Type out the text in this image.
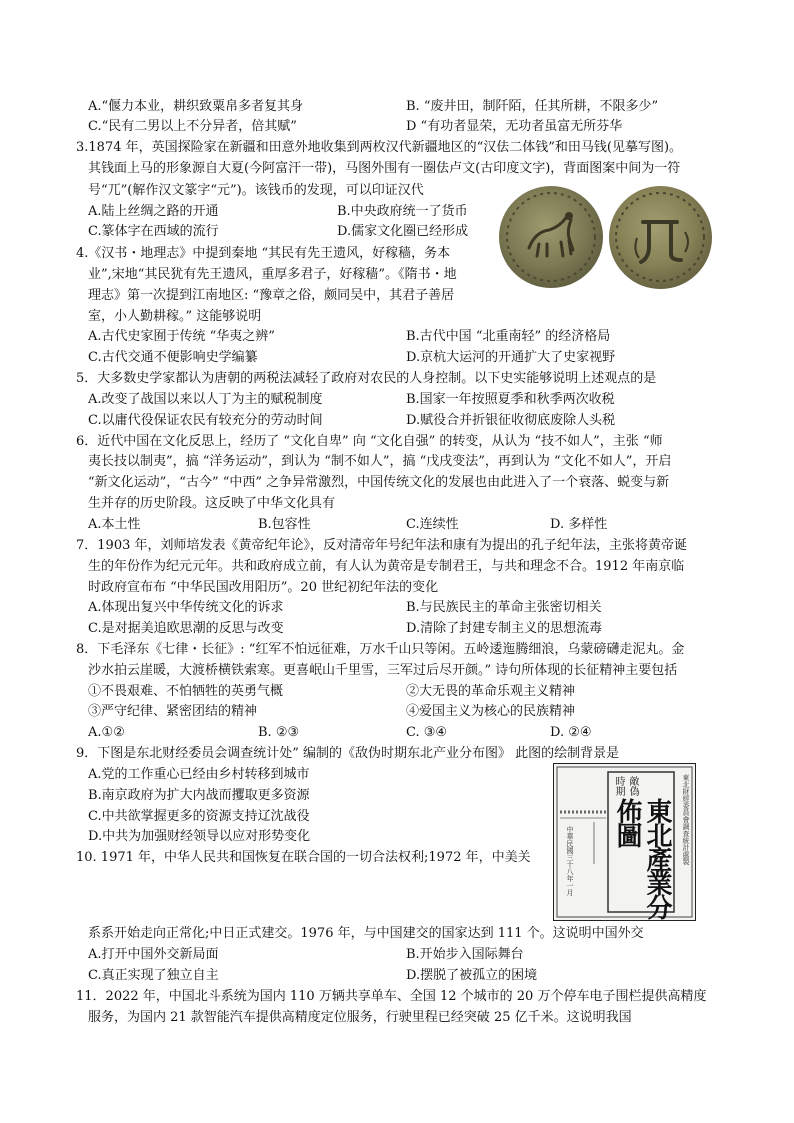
A.“偃力本业，耕织致粟帛多者复其身	B. “废井田，制阡陌，任其所耕，不限多少”
C.“民有二男以上不分异者，倍其赋”	D “有功者显荣，无功者虽富无所芬华
3.1874 年，英国探险家在新疆和田意外地收集到两枚汉代新疆地区的“汉佉二体钱”和田马钱(见摹写图)。
其钱面上马的形象源自大夏(今阿富汗一带)，马图外围有一圈佉卢文(古印度文字)，背面图案中间为一符
号“兀”(解作汉文篆字“元”)。该钱币的发现，可以印证汉代
A.陆上丝绸之路的开通	B.中央政府统一了货币
C.篆体字在西域的流行	D.儒家文化圈已经形成
4.《汉书・地理志》中提到秦地 “其民有先王遗风，好稼穑，务本
业”,宋地“其民犹有先王遗风，重厚多君子，好稼穑”。《隋书・地
理志》第一次提到江南地区: “豫章之俗，颇同吴中，其君子善居
室，小人勤耕稼。” 这能够说明
A.古代史家囿于传统 “华夷之辨”	B.古代中国 “北重南轻” 的经济格局
C.古代交通不便影响史学编纂	D.京杭大运河的开通扩大了史家视野
5．大多数史学家都认为唐朝的两税法减轻了政府对农民的人身控制。以下史实能够说明上述观点的是
A.改变了战国以来以人丁为主的赋税制度	B.国家一年按照夏季和秋季两次收税
C.以庸代役保证农民有较充分的劳动时间	D.赋役合并折银征收彻底废除人头税
6．近代中国在文化反思上，经历了 “文化自卑” 向 “文化自强” 的转变，从认为 “技不如人”，主张 “师
夷长技以制夷”，搞 “洋务运动”，到认为 “制不如人”，搞 “戊戌变法”，再到认为 “文化不如人”，开启
“新文化运动”，“古今” “中西” 之争异常激烈，中国传统文化的发展也由此进入了一个衰落、蜕变与新
生并存的历史阶段。这反映了中华文化具有
A.本土性	B.包容性	C.连续性	D. 多样性
7．1903 年，刘师培发表《黄帝纪年论》，反对清帝年号纪年法和康有为提出的孔子纪年法，主张将黄帝诞
生的年份作为纪元元年。共和政府成立前，有人认为黄帝是专制君王，与共和理念不合。1912 年南京临
时政府宣布布 “中华民国改用阳历”。20 世纪初纪年法的变化
A.体现出复兴中华传统文化的诉求	B.与民族民主的革命主张密切相关
C.是对据美追欧思潮的反思与改变	D.清除了封建专制主义的思想流毒
8．下毛泽东《七律・长征》: “红军不怕远征难，万水千山只等闲。五岭逶迤腾细浪，乌蒙磅礴走泥丸。金
沙水拍云崖暖，大渡桥横铁索寒。更喜岷山千里雪，三军过后尽开颜。” 诗句所体现的长征精神主要包括
①不畏艰难、不怕牺牲的英勇气概	②大无畏的革命乐观主义精神
③严守纪律、紧密团结的精神	④爱国主义为核心的民族精神
A.①②	B. ②③	C. ③④	D. ②④
9．下图是东北财经委员会调查统计处” 编制的《敌伪时期东北产业分布图》 此图的绘制背景是
A.党的工作重心已经由乡村转移到城市
B.南京政府为扩大内战而攫取更多资源
C.中共欲掌握更多的资源支持辽沈战役
D.中共为加强财经领导以应对形势变化
時期 敵偽
東北產業分佈圖	東北財經委員會調查統計處製
中華民國三十八年一月
10. 1971 年，中华人民共和国恢复在联合国的一切合法权利;1972 年，中美关
系系开始走向正常化;中日正式建交。1976 年，与中国建交的国家达到 111 个。这说明中国外交
A.打开中国外交新局面	B.开始步入国际舞台
C.真正实现了独立自主	D.摆脱了被孤立的困境
11．2022 年，中国北斗系统为国内 110 万辆共享单车、全国 12 个城市的 20 万个停车电子围栏提供高精度
服务，为国内 21 款智能汽车提供高精度定位服务，行驶里程已经突破 25 亿千米。这说明我国
